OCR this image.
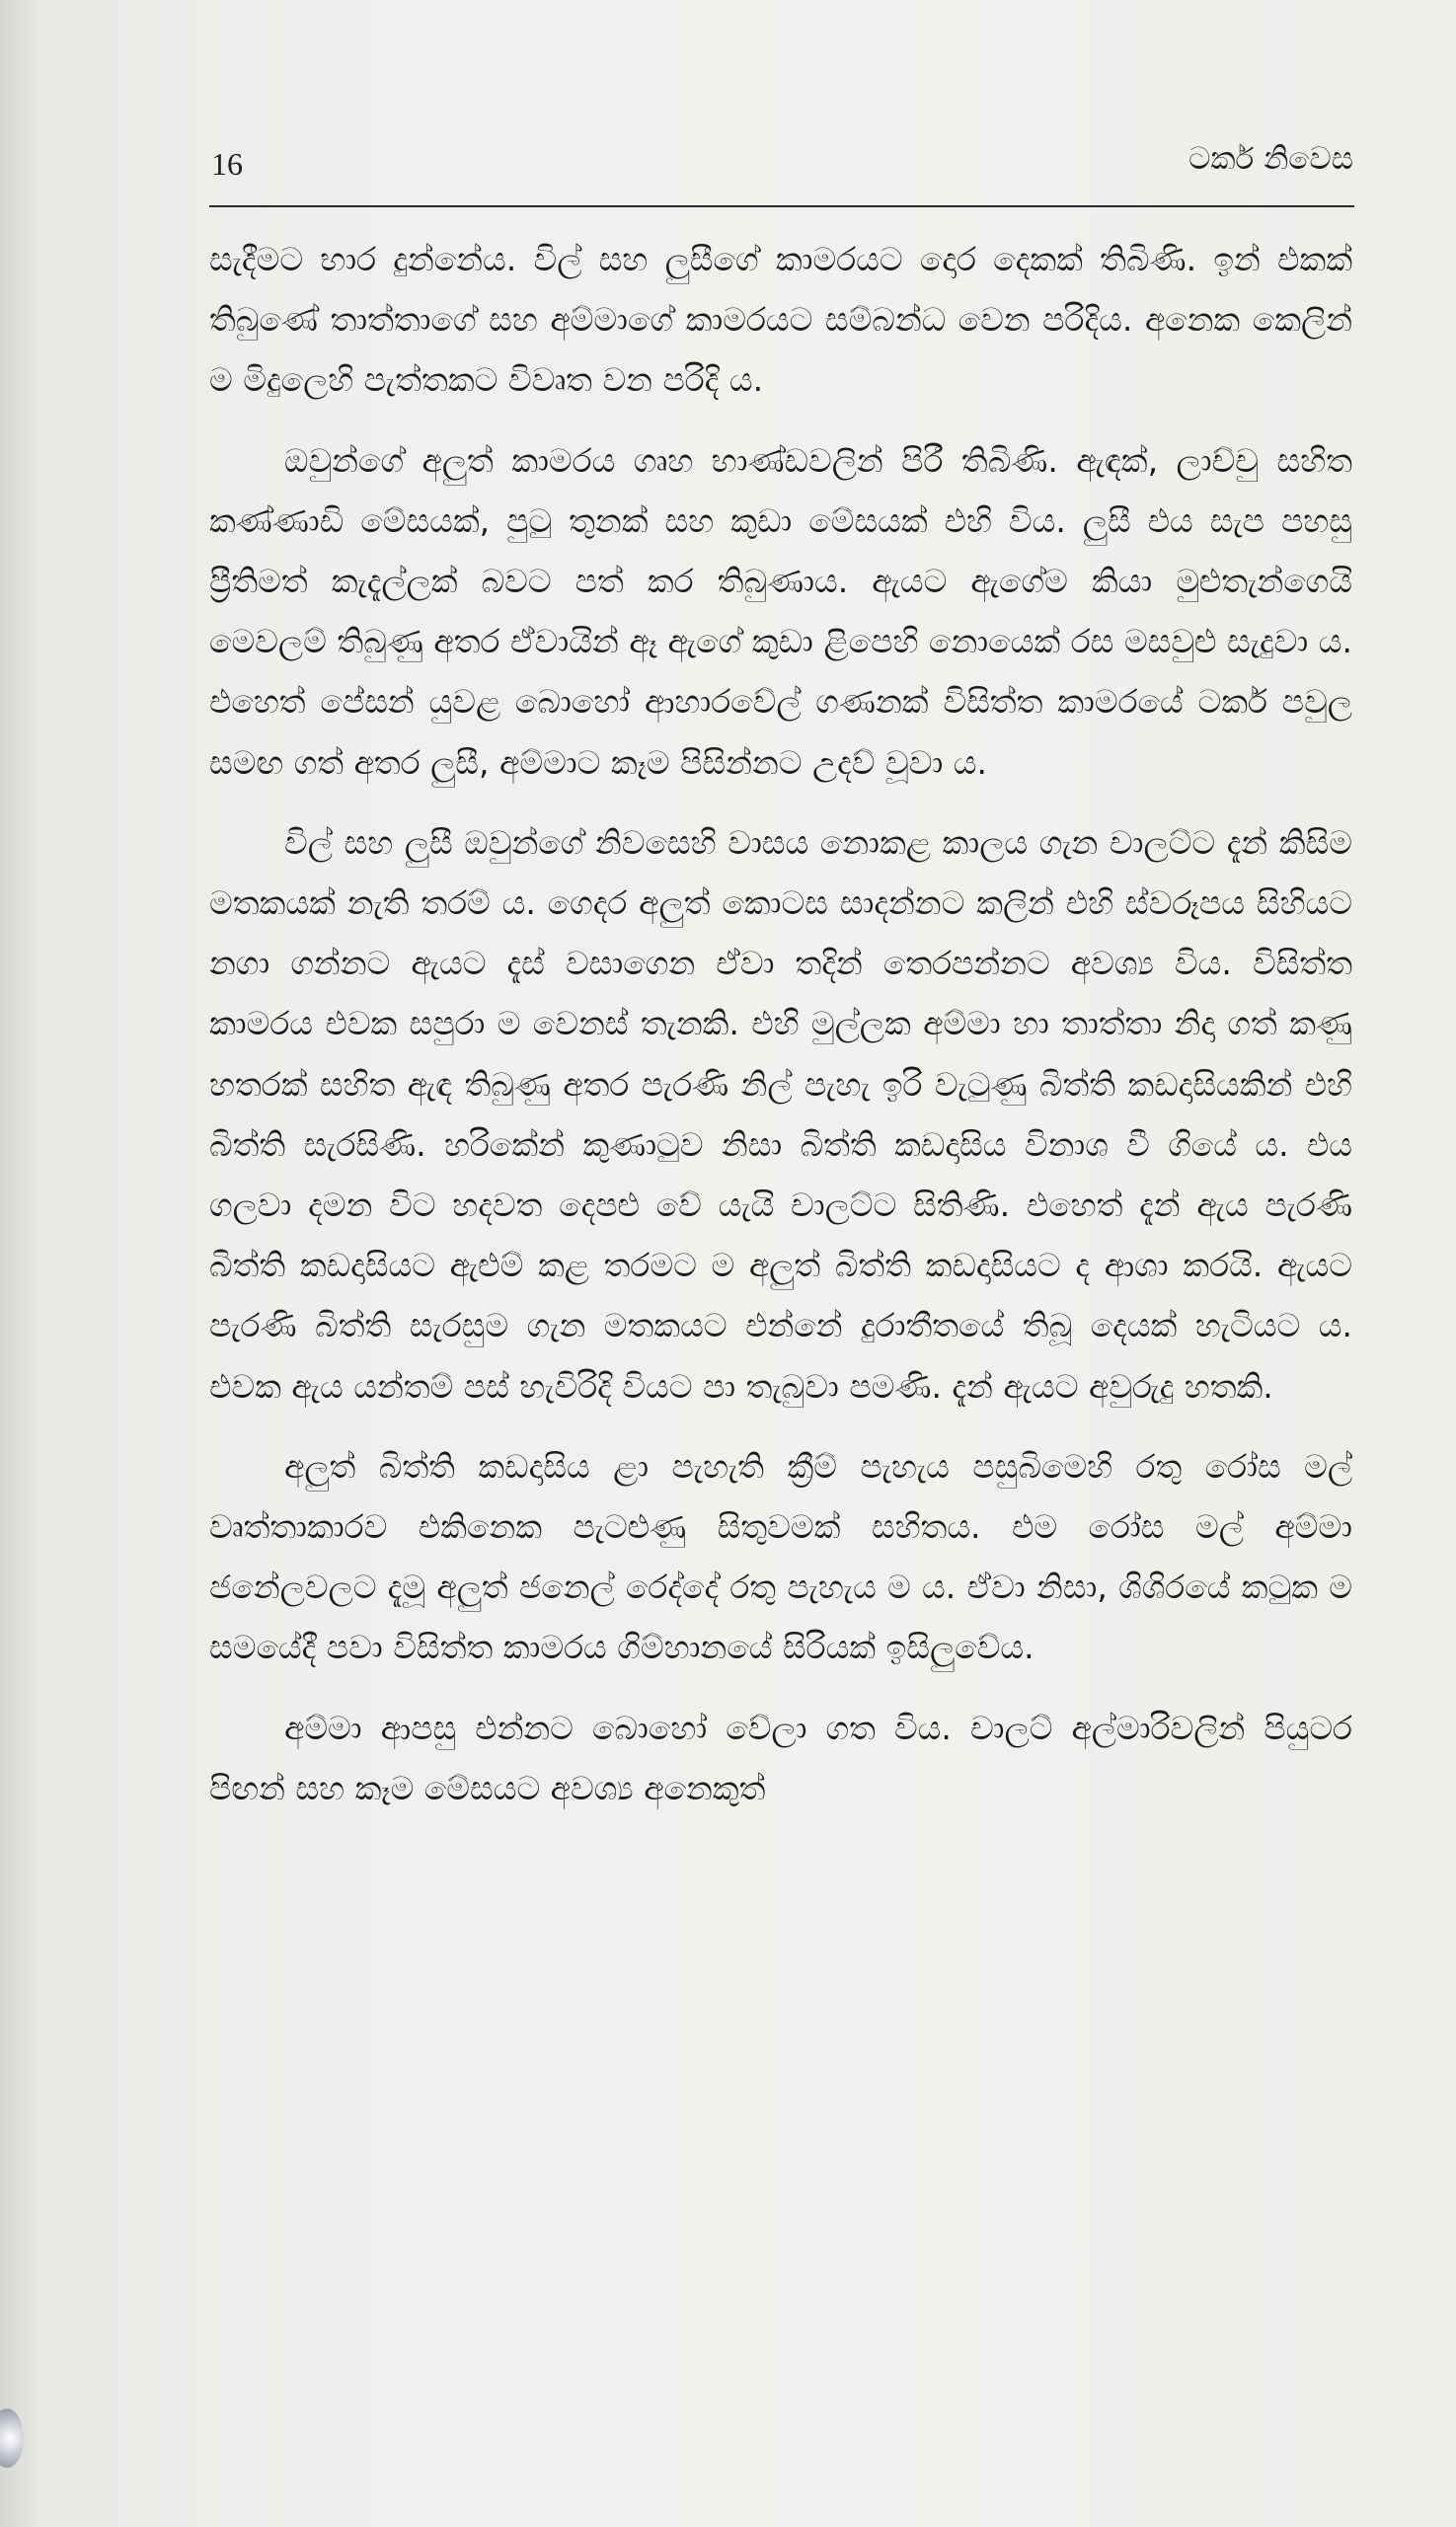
16	ටකර් නිවෙස

සැදීමට භාර දුන්නේය. විල් සහ ලුසීගේ කාමරයට දොර දෙකක් තිබිණි. ඉන් එකක් තිබුණේ තාත්තාගේ සහ අම්මාගේ කාමරයට සම්බන්ධ වෙන පරිදිය. අනෙක කෙලින් ම මිදුලෙහි පැත්තකට විවෘත වන පරිදි ය.

ඔවුන්ගේ අලුත් කාමරය ගෘහ භාණ්ඩවලින් පිරී තිබිණි. ඇඳක්, ලාච්චු සහිත කණ්ණාඩි මේසයක්, පුටු තුනක් සහ කුඩා මේසයක් එහි විය. ලුසී එය සැප පහසු ප්‍රීතිමත් කැදැල්ලක් බවට පත් කර තිබුණාය. ඇයට ඇගේම කියා මුළුතැන්ගෙයි මෙවලම් තිබුණු අතර ඒවායින් ඈ ඇගේ කුඩා ළිපෙහි නොයෙක් රස මසවුළු සැදුවා ය. එහෙත් පේසන් යුවළ බොහෝ ආහාරවේල් ගණනක් විසිත්ත කාමරයේ ටකර් පවුල සමඟ ගත් අතර ලුසී, අම්මාට කෑම පිසින්නට උදව් වූවා ය.

විල් සහ ලුසී ඔවුන්ගේ නිවසෙහි වාසය නොකළ කාලය ගැන චාලට්ට දැන් කිසිම මතකයක් නැති තරම් ය. ගෙදර අලුත් කොටස සාදන්නට කලින් එහි ස්වරූපය සිහියට නගා ගන්නට ඇයට දැස් වසාගෙන ඒවා තදින් තෙරපන්නට අවශ්‍ය විය. විසිත්ත කාමරය එවක සපුරා ම වෙනස් තැනකි. එහි මුල්ලක අම්මා හා තාත්තා නිදා ගත් කණු හතරක් සහිත ඇඳ තිබුණු අතර පැරණි නිල් පැහැ ඉරි වැටුණු බිත්ති කඩදාසියකින් එහි බිත්ති සැරසිණි. හරිකේන් කුණාටුව නිසා බිත්ති කඩදාසිය විනාශ වී ගියේ ය. එය ගලවා දමන විට හදවත දෙපළු වේ යැයි චාලට්ට සිතිණි. එහෙත් දැන් ඇය පැරණි බිත්ති කඩදාසියට ඇළුම් කළ තරමට ම අලුත් බිත්ති කඩදාසියට ද ආශා කරයි. ඇයට පැරණි බිත්ති සැරසුම ගැන මතකයට එන්නේ දුරාතීතයේ තිබූ දෙයක් හැටියට ය. එවක ඇය යන්තම් පස් හැවිරිදි වියට පා තැබුවා පමණි. දැන් ඇයට අවුරුදු හතකි.

අලුත් බිත්ති කඩදාසිය ළා පැහැති ක්‍රීම් පැහැය පසුබිමෙහි රතු රෝස මල් වෘත්තාකාරව එකිනෙක පැටළුණු සිතුවමක් සහිතය. එම රෝස මල් අම්මා ජනේලවලට දැමූ අලුත් ජනෙල් රෙද්දේ රතු පැහැය ම ය. ඒවා නිසා, ශිශිරයේ කටුක ම සමයේදී පවා විසිත්ත කාමරය ගිම්හානයේ සිරියක් ඉසිලුවේය.

අම්මා ආපසු එන්නට බොහෝ වේලා ගත විය. චාලට් අල්මාරිවලින් පියුටර පිඟන් සහ කෑම මේසයට අවශ්‍ය අනෙකුත්
